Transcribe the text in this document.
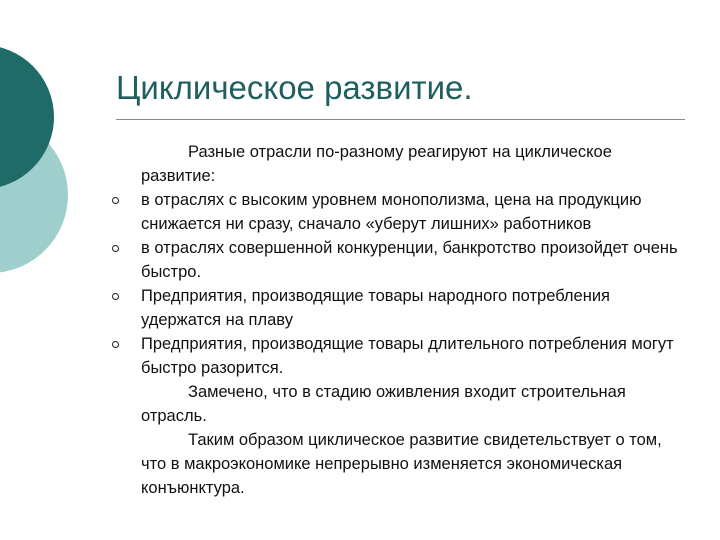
Циклическое развитие.

Разные отрасли по-разному реагируют на циклическое развитие:

в отраслях с высоким уровнем монополизма, цена на продукцию снижается ни сразу, сначало «уберут лишних» работников
в отраслях совершенной конкуренции, банкротство произойдет очень быстро.
Предприятия, производящие товары народного потребления удержатся на плаву
Предприятия, производящие товары длительного потребления могут быстро разорится.

Замечено, что в стадию оживления входит строительная отрасль.

Таким образом циклическое развитие свидетельствует о том, что в макроэкономике непрерывно изменяется экономическая конъюнктура.
